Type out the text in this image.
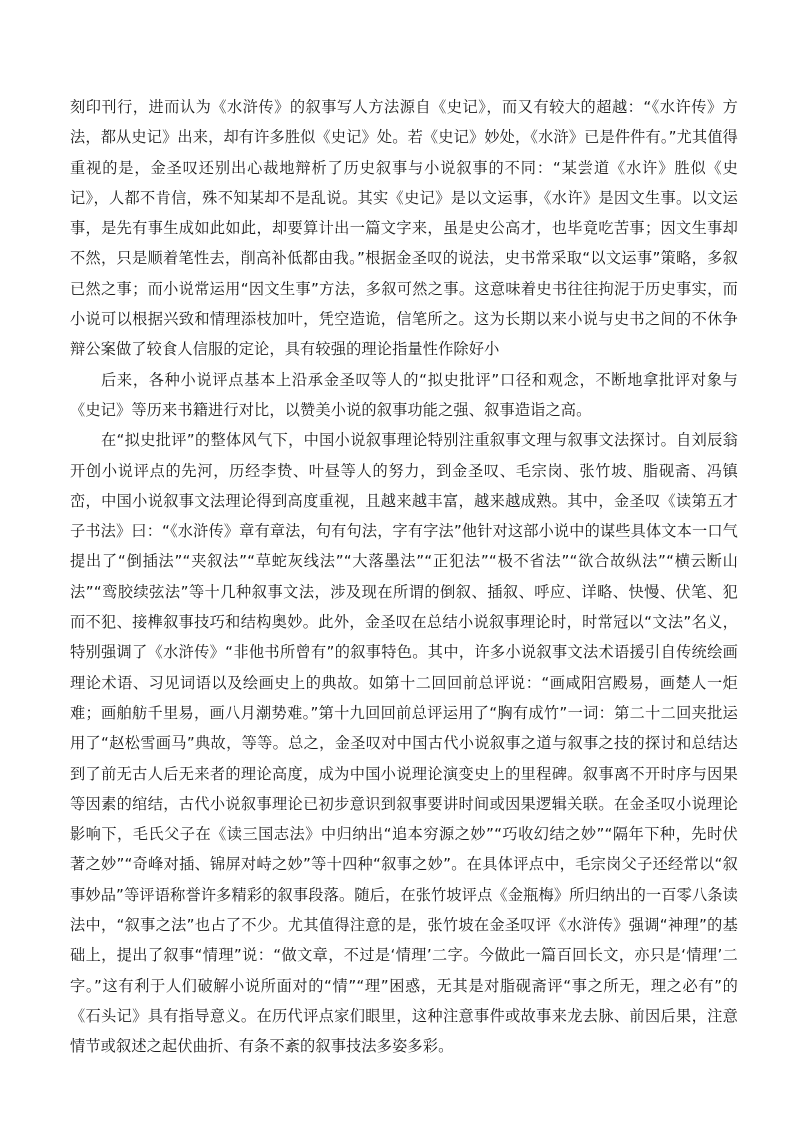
刻印刊行，进而认为《水浒传》的叙事写人方法源自《史记》，而又有较大的超越：“《水许传》方法，都从史记》出来，却有许多胜似《史记》处。若《史记》妙处，《水浒》已是件件有。”尤其值得重视的是，金圣叹还别出心裁地辩析了历史叙事与小说叙事的不同：“某尝道《水许》胜似《史记》，人都不肯信，殊不知某却不是乱说。其实《史记》是以文运事，《水许》是因文生事。以文运事，是先有事生成如此如此，却要算计出一篇文字来，虽是史公高才，也毕竟吃苦事；因文生事却不然，只是顺着笔性去，削高补低都由我。”根据金圣叹的说法，史书常采取“以文运事”策略，多叙已然之事；而小说常运用“因文生事”方法，多叙可然之事。这意味着史书往往拘泥于历史事实，而小说可以根据兴致和情理添枝加叶，凭空造诡，信笔所之。这为长期以来小说与史书之间的不休争辩公案做了较食人信服的定论，具有较强的理论指量性作除好小

后来，各种小说评点基本上沿承金圣叹等人的“拟史批评”口径和观念，不断地拿批评对象与《史记》等历来书籍进行对比，以赞美小说的叙事功能之强、叙事造诣之高。

在“拟史批评”的整体风气下，中国小说叙事理论特别注重叙事文理与叙事文法探讨。自刘辰翁开创小说评点的先河，历经李贽、叶昼等人的努力，到金圣叹、毛宗岗、张竹坡、脂砚斋、冯镇峦，中国小说叙事文法理论得到高度重视，且越来越丰富，越来越成熟。其中，金圣叹《读第五才子书法》曰：“《水浒传》章有章法，句有句法，字有字法”他针对这部小说中的谋些具体文本一口气提出了“倒插法”“夹叙法”“草蛇灰线法”“大落墨法”“正犯法”“极不省法”“欲合故纵法”“横云断山法”“鸾胶续弦法”等十几种叙事文法，涉及现在所谓的倒叙、插叙、呼应、详略、快慢、伏笔、犯而不犯、接榫叙事技巧和结构奥妙。此外，金圣叹在总结小说叙事理论时，时常冠以“文法”名义，特别强调了《水浒传》“非他书所曾有”的叙事特色。其中，许多小说叙事文法术语援引自传统绘画理论术语、习见词语以及绘画史上的典故。如第十二回回前总评说：“画咸阳宫殿易，画楚人一炬难；画舶舫千里易，画八月潮势难。”第十九回回前总评运用了“胸有成竹”一词：第二十二回夹批运用了“赵松雪画马”典故，等等。总之，金圣叹对中国古代小说叙事之道与叙事之技的探讨和总结达到了前无古人后无来者的理论高度，成为中国小说理论演变史上的里程碑。叙事离不开时序与因果等因素的绾结，古代小说叙事理论已初步意识到叙事要讲时间或因果逻辑关联。在金圣叹小说理论影响下，毛氏父子在《读三国志法》中归纳出“追本穷源之妙”“巧收幻结之妙”“隔年下种，先时伏著之妙”“奇峰对插、锦屏对峙之妙”等十四种“叙事之妙”。在具体评点中，毛宗岗父子还经常以“叙事妙品”等评语称誉许多精彩的叙事段落。随后，在张竹坡评点《金瓶梅》所归纳出的一百零八条读法中，“叙事之法”也占了不少。尤其值得注意的是，张竹坡在金圣叹评《水浒传》强调“神理”的基础上，提出了叙事“情理”说：“做文章，不过是‘情理’二字。今做此一篇百回长文，亦只是‘情理’二字。”这有利于人们破解小说所面对的“情”“理”困惑，无其是对脂砚斋评“事之所无，理之必有”的《石头记》具有指导意义。在历代评点家们眼里，这种注意事件或故事来龙去脉、前因后果，注意情节或叙述之起伏曲折、有条不紊的叙事技法多姿多彩。
